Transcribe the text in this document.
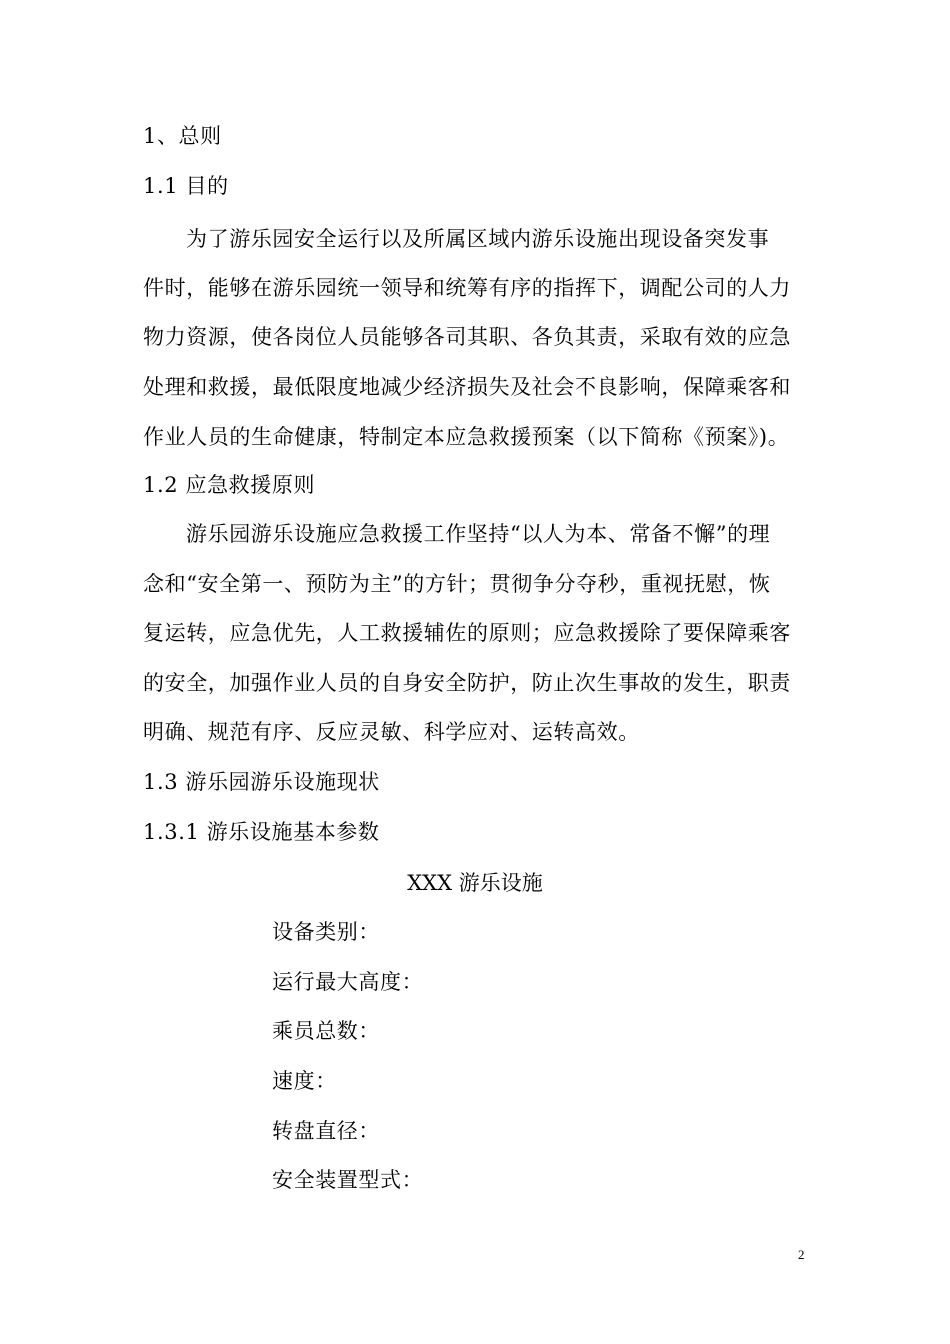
1、总则
1.1 目的
为了游乐园安全运行以及所属区域内游乐设施出现设备突发事
件时，能够在游乐园统一领导和统筹有序的指挥下，调配公司的人力
物力资源，使各岗位人员能够各司其职、各负其责，采取有效的应急
处理和救援，最低限度地减少经济损失及社会不良影响，保障乘客和
作业人员的生命健康，特制定本应急救援预案（以下简称《预案》)。
1.2 应急救援原则
游乐园游乐设施应急救援工作坚持“以人为本、常备不懈”的理
念和“安全第一、预防为主”的方针；贯彻争分夺秒，重视抚慰，恢
复运转，应急优先，人工救援辅佐的原则；应急救援除了要保障乘客
的安全，加强作业人员的自身安全防护，防止次生事故的发生，职责
明确、规范有序、反应灵敏、科学应对、运转高效。
1.3 游乐园游乐设施现状
1.3.1 游乐设施基本参数
XXX 游乐设施
设备类别：
运行最大高度：
乘员总数：
速度：
转盘直径：
安全装置型式：
2
